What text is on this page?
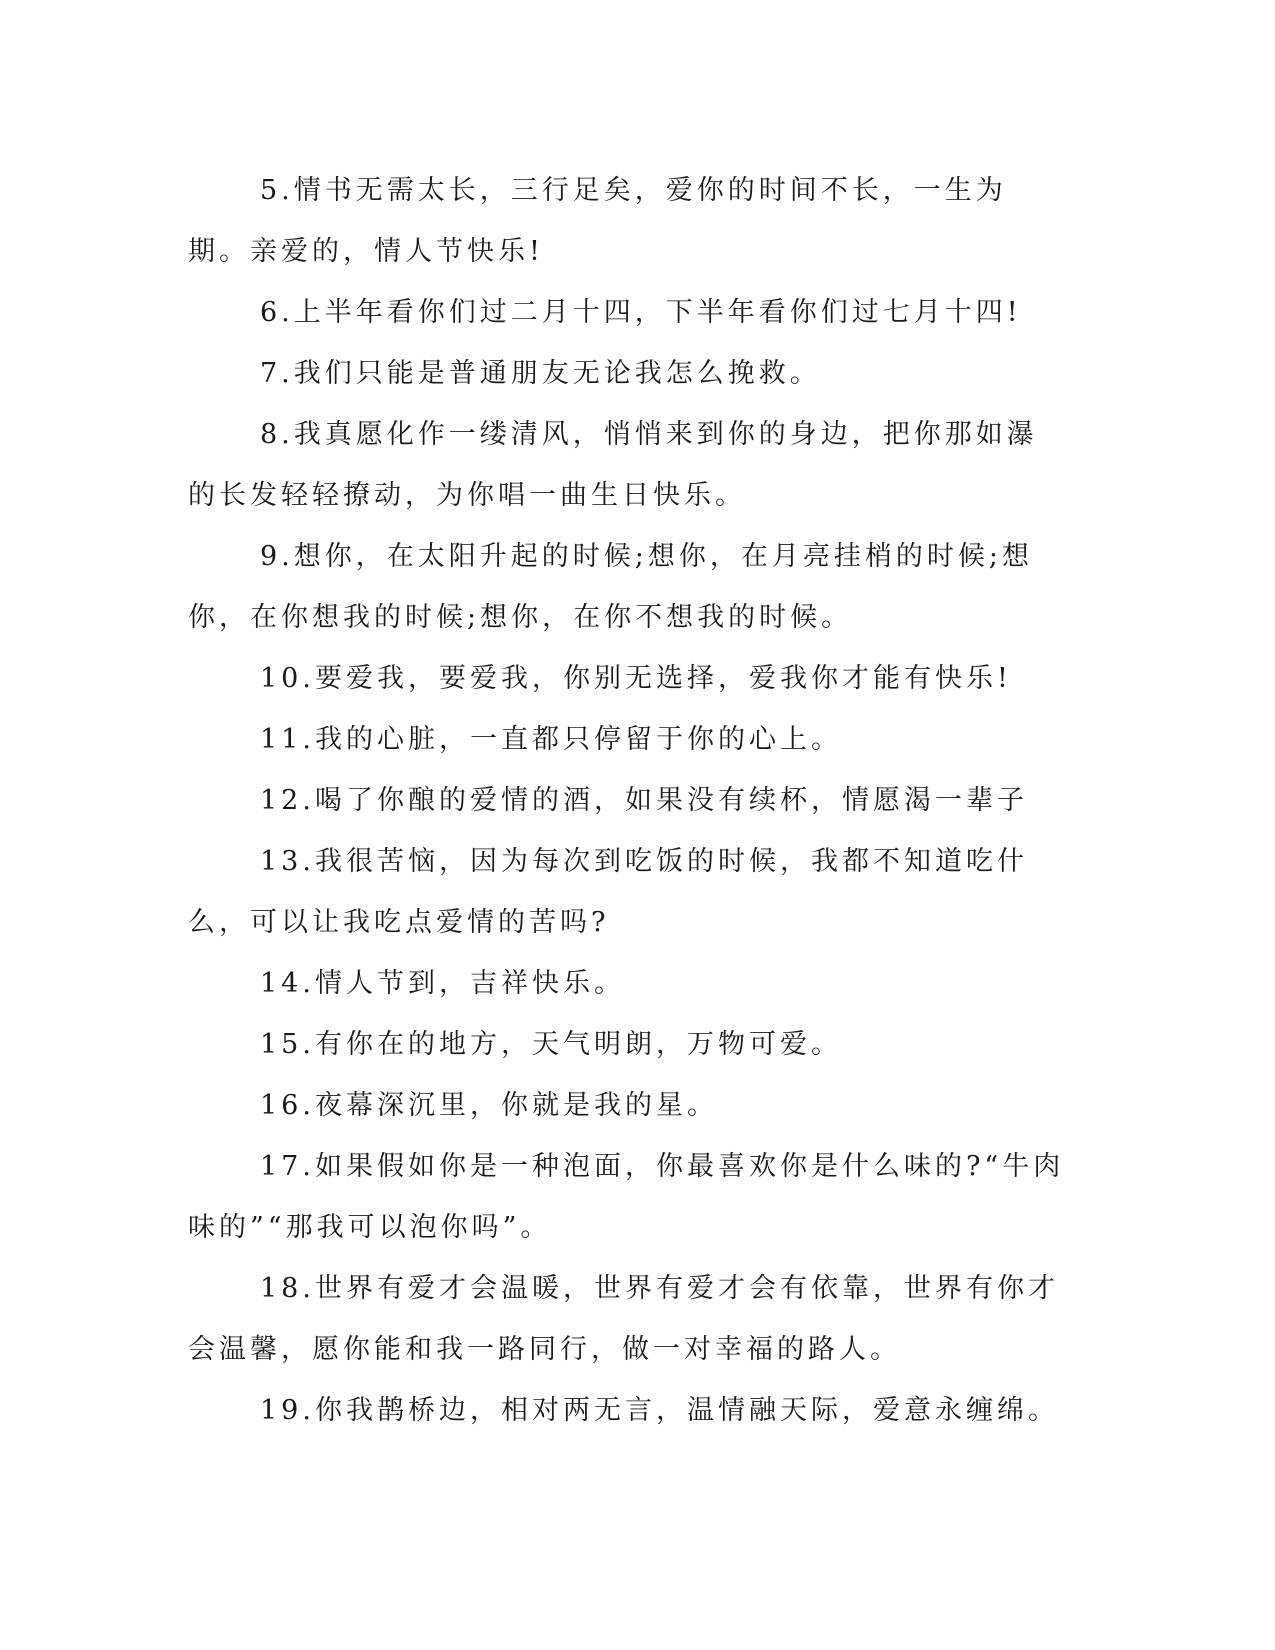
5.情书无需太长，三行足矣，爱你的时间不长，一生为期。亲爱的，情人节快乐!

6.上半年看你们过二月十四，下半年看你们过七月十四!

7.我们只能是普通朋友无论我怎么挽救。

8.我真愿化作一缕清风，悄悄来到你的身边，把你那如瀑的长发轻轻撩动，为你唱一曲生日快乐。

9.想你，在太阳升起的时候;想你，在月亮挂梢的时候;想你，在你想我的时候;想你，在你不想我的时候。

10.要爱我，要爱我，你别无选择，爱我你才能有快乐!

11.我的心脏，一直都只停留于你的心上。

12.喝了你酿的爱情的酒，如果没有续杯，情愿渴一辈子

13.我很苦恼，因为每次到吃饭的时候，我都不知道吃什么，可以让我吃点爱情的苦吗?

14.情人节到，吉祥快乐。

15.有你在的地方，天气明朗，万物可爱。

16.夜幕深沉里，你就是我的星。

17.如果假如你是一种泡面，你最喜欢你是什么味的?“牛肉味的”“那我可以泡你吗”。

18.世界有爱才会温暖，世界有爱才会有依靠，世界有你才会温馨，愿你能和我一路同行，做一对幸福的路人。

19.你我鹊桥边，相对两无言，温情融天际，爱意永缠绵。
